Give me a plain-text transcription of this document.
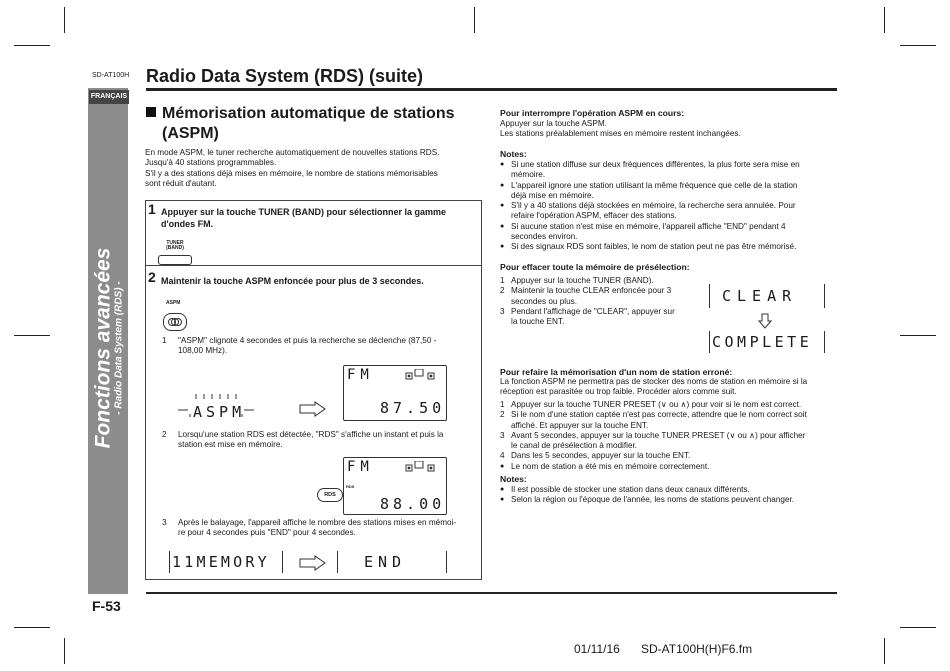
SD-AT100H Radio Data System (RDS) (suite)
FRANÇAIS
Fonctions avancées - Radio Data System (RDS) -
F-53
01/11/16 SD-AT100H(H)F6.fm
Mémorisation automatique de stations
(ASPM)
En mode ASPM, le tuner recherche automatiquement de nouvelles stations RDS.
Jusqu'à 40 stations programmables.
S'il y a des stations déjà mises en mémoire, le nombre de stations mémorisables
sont réduit d'autant.
1 Appuyer sur la touche TUNER (BAND) pour sélectionner la gamme
d'ondes FM.
TUNER
(BAND)
2 Maintenir la touche ASPM enfoncée pour plus de 3 secondes.
ASPM
1 "ASPM" clignote 4 secondes et puis la recherche se déclenche (87,50 -
108,00 MHz).
ASPM
FM
87.50
2 Lorsqu'une station RDS est détectée, "RDS" s'affiche un instant et puis la
station est mise en mémoire.
RDS
FM
RDS
88.00
3 Après le balayage, l'appareil affiche le nombre des stations mises en mémoi-
re pour 4 secondes puis "END" pour 4 secondes.
11MEMORY	END
Pour interrompre l'opération ASPM en cours:
Appuyer sur la touche ASPM.
Les stations préalablement mises en mémoire restent inchangées.
Notes:
● Si une station diffuse sur deux fréquences différentes, la plus forte sera mise en
mémoire.
● L'appareil ignore une station utilisant la même fréquence que celle de la station
déjà mise en mémoire.
● S'il y a 40 stations déjà stockées en mémoire, la recherche sera annulée. Pour
refaire l'opération ASPM, effacer des stations.
● Si aucune station n'est mise en mémoire, l'appareil affiche "END" pendant 4
secondes environ.
● Si des signaux RDS sont faibles, le nom de station peut ne pas être mémorisé.
Pour effacer toute la mémoire de présélection:
1 Appuyer sur la touche TUNER (BAND).
2 Maintenir la touche CLEAR enfoncée pour 3
secondes ou plus.
3 Pendant l'affichage de "CLEAR", appuyer sur
la touche ENT.
CLEAR
COMPLETE
Pour refaire la mémorisation d'un nom de station erroné:
La fonction ASPM ne permettra pas de stocker des noms de station en mémoire si la
réception est parasitée ou trop faible. Procéder alors comme suit.
1 Appuyer sur la touche TUNER PRESET (∨ ou ∧) pour voir si le nom est correct.
2 Si le nom d'une station captée n'est pas correcte, attendre que le nom correct soit
affiché. Et appuyer sur la touche ENT.
3 Avant 5 secondes, appuyer sur la touche TUNER PRESET (∨ ou ∧) pour afficher
le canal de présélection à modifier.
4 Dans les 5 secondes, appuyer sur la touche ENT.
● Le nom de station a été mis en mémoire correctement.
Notes:
● Il est possible de stocker une station dans deux canaux différents.
● Selon la région ou l'époque de l'année, les noms de stations peuvent changer.
